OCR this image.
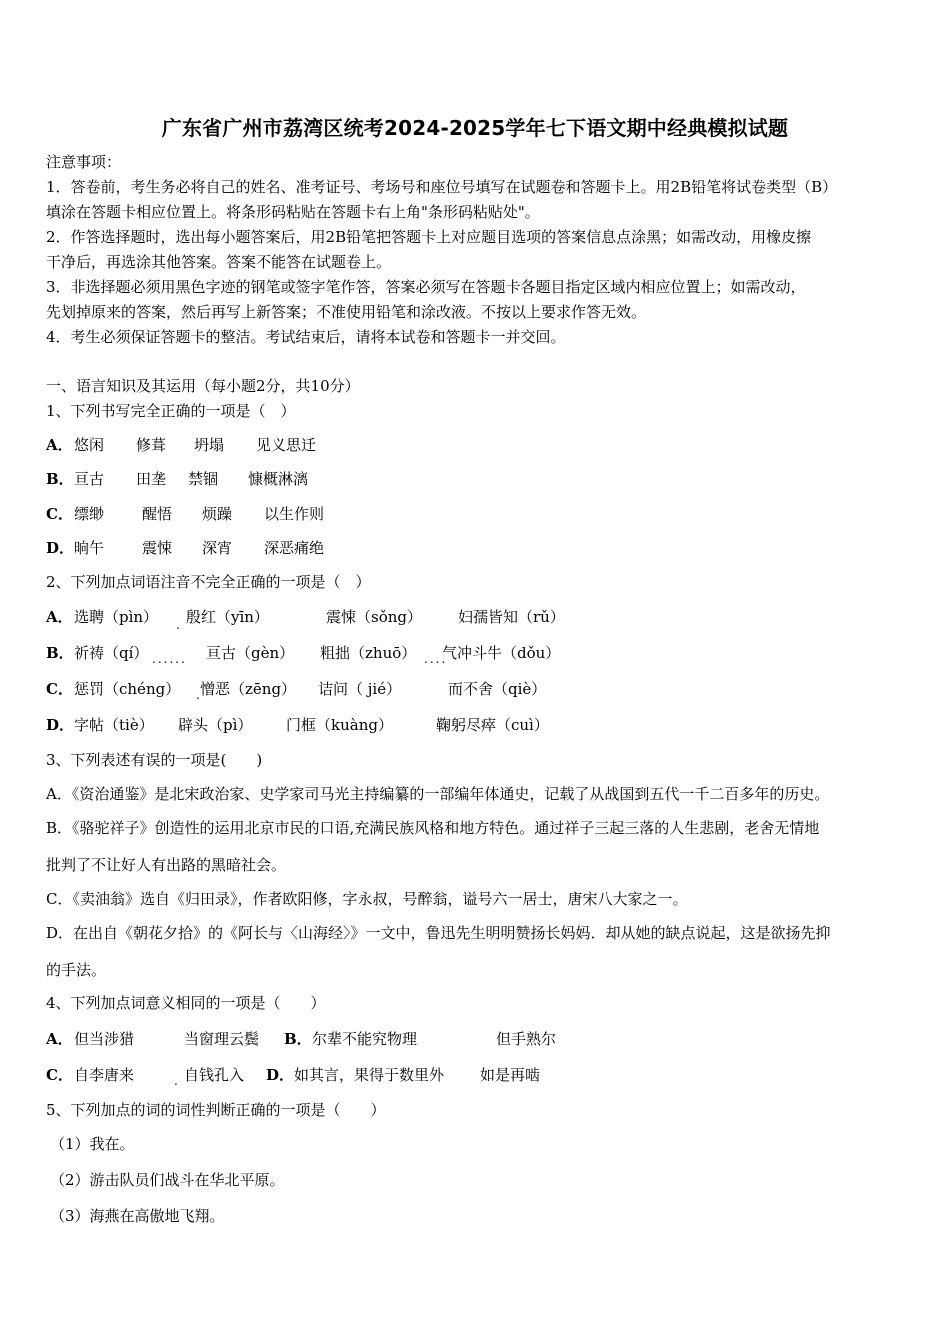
广东省广州市荔湾区统考2024-2025学年七下语文期中经典模拟试题
注意事项：
1．答卷前，考生务必将自己的姓名、准考证号、考场号和座位号填写在试题卷和答题卡上。用2B铅笔将试卷类型（B）
填涂在答题卡相应位置上。将条形码粘贴在答题卡右上角"条形码粘贴处"。
2．作答选择题时，选出每小题答案后，用2B铅笔把答题卡上对应题目选项的答案信息点涂黑；如需改动，用橡皮擦
干净后，再选涂其他答案。答案不能答在试题卷上。
3．非选择题必须用黑色字迹的钢笔或签字笔作答，答案必须写在答题卡各题目指定区域内相应位置上；如需改动，
先划掉原来的答案，然后再写上新答案；不准使用铅笔和涂改液。不按以上要求作答无效。
4．考生必须保证答题卡的整洁。考试结束后，请将本试卷和答题卡一并交回。
一、语言知识及其运用（每小题2分，共10分）
1、下列书写完全正确的一项是（　）
A． 悠闲 修葺 坍塌 见义思迁
B． 亘古 田垄 禁锢 慷概淋漓
C． 缥缈	醒悟 烦躁 以生作则
D． 晌午	震悚 深宵 深恶痛绝
2、下列加点词语注音不完全正确的一项是（　）
A． 选聘（pìn） 殷红（yīn）	震悚（sǒng） 妇孺皆知（rǔ）
B． 祈祷（qí）	亘古（gèn） 粗拙（zhuō） 气冲斗牛（dǒu）
C． 惩罚（chéng） 憎恶（zēng） 诘问（ jié）	而不舍（qiè）
D． 字帖（tiè） 辟头（pì） 门框（kuàng）	鞠躬尽瘁（cuì）
.
......	....
.
.
3、下列表述有误的一项是(　　)
A．《资治通鉴》是北宋政治家、史学家司马光主持编纂的一部编年体通史，记载了从战国到五代一千二百多年的历史。
B．《骆驼祥子》创造性的运用北京市民的口语,充满民族风格和地方特色。通过祥子三起三落的人生悲剧，老舍无情地
批判了不让好人有出路的黑暗社会。
C．《卖油翁》选自《归田录》，作者欧阳修，字永叔，号醉翁，谥号六一居士，唐宋八大家之一。
D．在出自《朝花夕拾》的《阿长与〈山海经〉》一文中，鲁迅先生明明赞扬长妈妈．却从她的缺点说起，这是欲扬先抑
的手法。
4、下列加点词意义相同的一项是（　　）
A． 但当涉猎	当窗理云鬓 B． 尔辈不能究物理	但手熟尔
C． 自李唐来	自钱孔入 D． 如其言，果得于数里外 如是再啮
5、下列加点的词的词性判断正确的一项是（　　）
（1）我在。
（2）游击队员们战斗在华北平原。
（3）海燕在高傲地飞翔。
